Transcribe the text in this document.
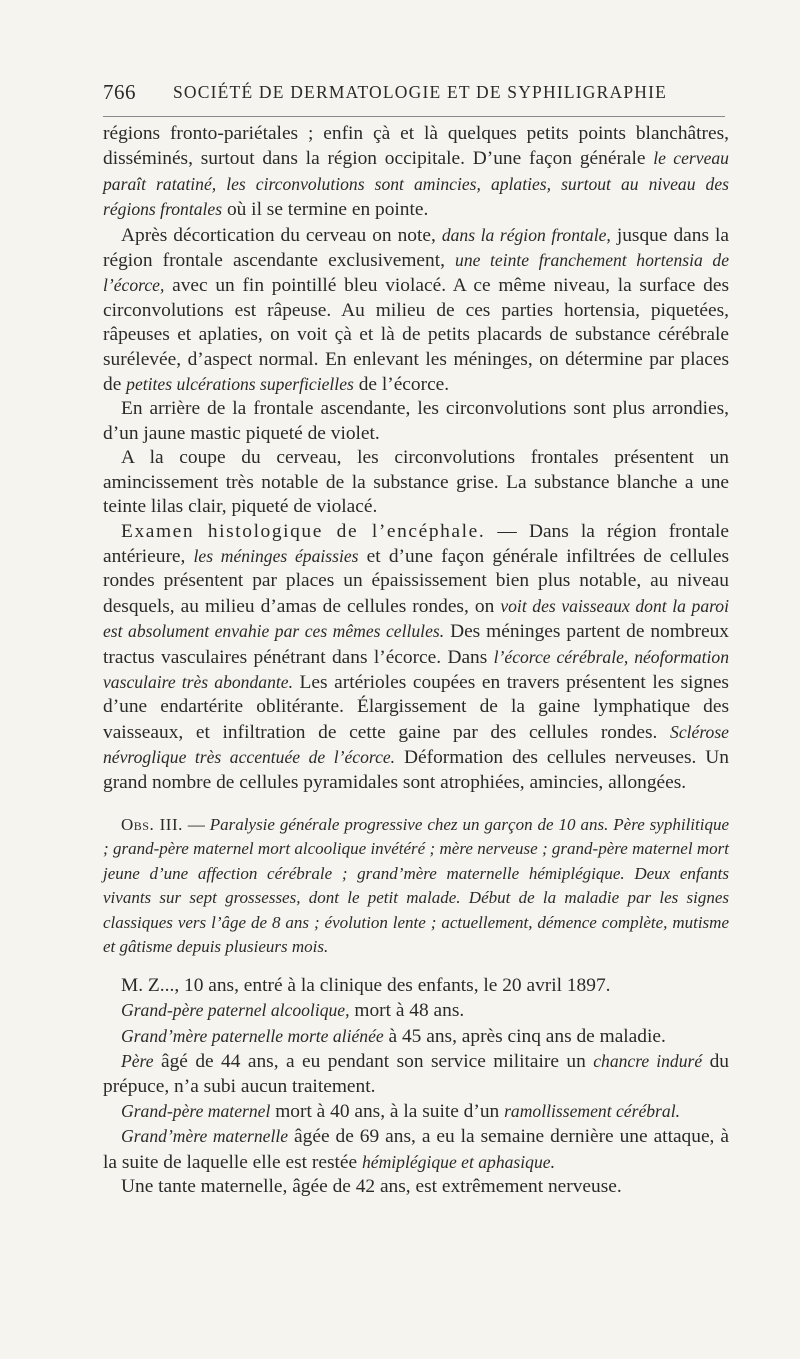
766 SOCIÉTÉ DE DERMATOLOGIE ET DE SYPHILIGRAPHIE

régions fronto-pariétales ; enfin çà et là quelques petits points blanchâtres, disséminés, surtout dans la région occipitale. D’une façon générale le cerveau paraît ratatiné, les circonvolutions sont amincies, aplaties, surtout au niveau des régions frontales où il se termine en pointe.

Après décortication du cerveau on note, dans la région frontale, jusque dans la région frontale ascendante exclusivement, une teinte franchement hortensia de l’écorce, avec un fin pointillé bleu violacé. A ce même niveau, la surface des circonvolutions est râpeuse. Au milieu de ces parties hortensia, piquetées, râpeuses et aplaties, on voit çà et là de petits placards de substance cérébrale surélevée, d’aspect normal. En enlevant les méninges, on détermine par places de petites ulcérations superficielles de l’écorce.

En arrière de la frontale ascendante, les circonvolutions sont plus arrondies, d’un jaune mastic piqueté de violet.

A la coupe du cerveau, les circonvolutions frontales présentent un amincissement très notable de la substance grise. La substance blanche a une teinte lilas clair, piqueté de violacé.

Examen histologique de l’encéphale. — Dans la région frontale antérieure, les méninges épaissies et d’une façon générale infiltrées de cellules rondes présentent par places un épaississement bien plus notable, au niveau desquels, au milieu d’amas de cellules rondes, on voit des vaisseaux dont la paroi est absolument envahie par ces mêmes cellules. Des méninges partent de nombreux tractus vasculaires pénétrant dans l’écorce. Dans l’écorce cérébrale, néoformation vasculaire très abondante. Les artérioles coupées en travers présentent les signes d’une endartérite oblitérante. Élargissement de la gaine lymphatique des vaisseaux, et infiltration de cette gaine par des cellules rondes. Sclérose névroglique très accentuée de l’écorce. Déformation des cellules nerveuses. Un grand nombre de cellules pyramidales sont atrophiées, amincies, allongées.

Obs. III. — Paralysie générale progressive chez un garçon de 10 ans. Père syphilitique ; grand-père maternel mort alcoolique invétéré ; mère nerveuse ; grand-père maternel mort jeune d’une affection cérébrale ; grand’mère maternelle hémiplégique. Deux enfants vivants sur sept grossesses, dont le petit malade. Début de la maladie par les signes classiques vers l’âge de 8 ans ; évolution lente ; actuellement, démence complète, mutisme et gâtisme depuis plusieurs mois.

M. Z..., 10 ans, entré à la clinique des enfants, le 20 avril 1897.

Grand-père paternel alcoolique, mort à 48 ans.

Grand’mère paternelle morte aliénée à 45 ans, après cinq ans de maladie.

Père âgé de 44 ans, a eu pendant son service militaire un chancre induré du prépuce, n’a subi aucun traitement.

Grand-père maternel mort à 40 ans, à la suite d’un ramollissement cérébral.

Grand’mère maternelle âgée de 69 ans, a eu la semaine dernière une attaque, à la suite de laquelle elle est restée hémiplégique et aphasique.

Une tante maternelle, âgée de 42 ans, est extrêmement nerveuse.
